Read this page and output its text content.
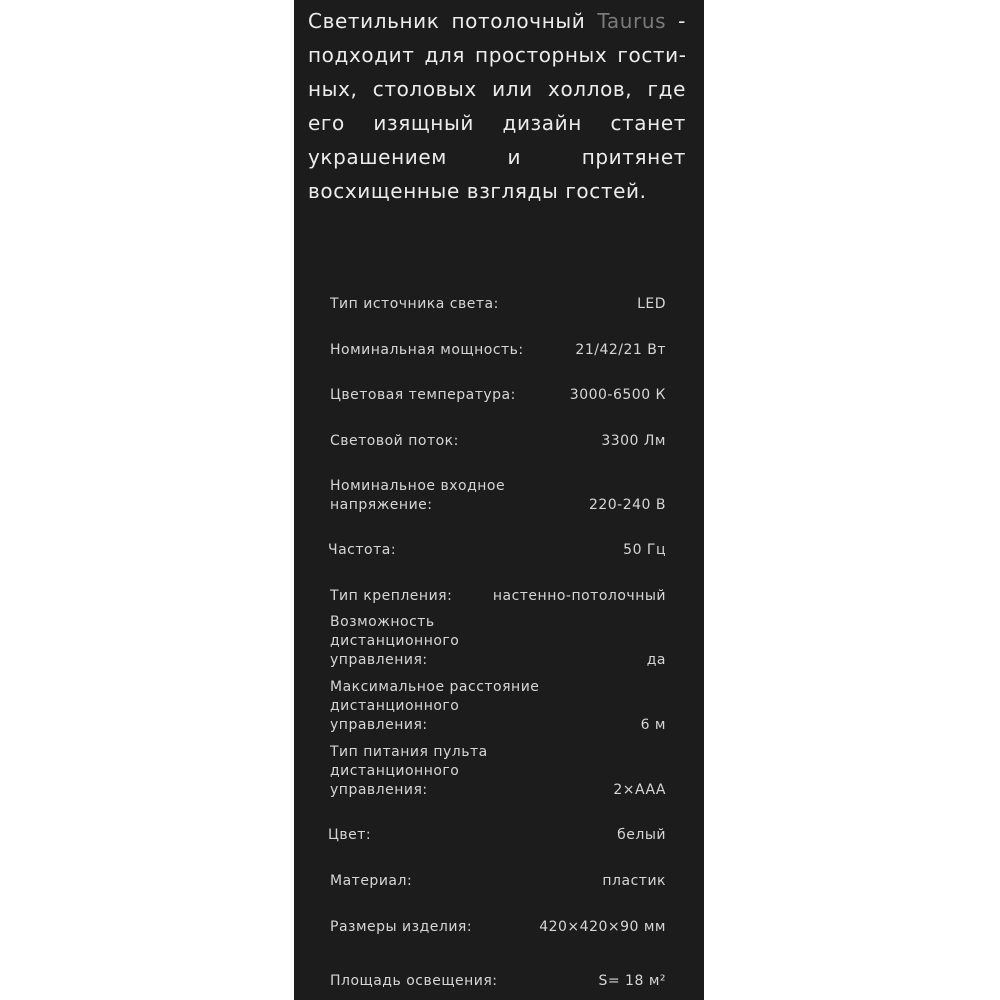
Светильник потолочный Taurus - подходит для просторных гостиных, столовых или холлов, где его изящный дизайн станет украшением и притянет восхищенные взгляды гостей.

Тип источника света:	LED
Номинальная мощность:	21/42/21 Вт
Цветовая температура:	3000-6500 К
Световой поток:	3300 Лм
Номинальное входное напряжение:	220-240 В
Частота:	50 Гц
Тип крепления:	настенно-потолочный
Возможность дистанционного управления:	да
Максимальное расстояние дистанционного управления:	6 м
Тип питания пульта дистанционного управления:	2×AAA
Цвет:	белый
Материал:	пластик
Размеры изделия:	420×420×90 мм
Площадь освещения:	S= 18 м²
